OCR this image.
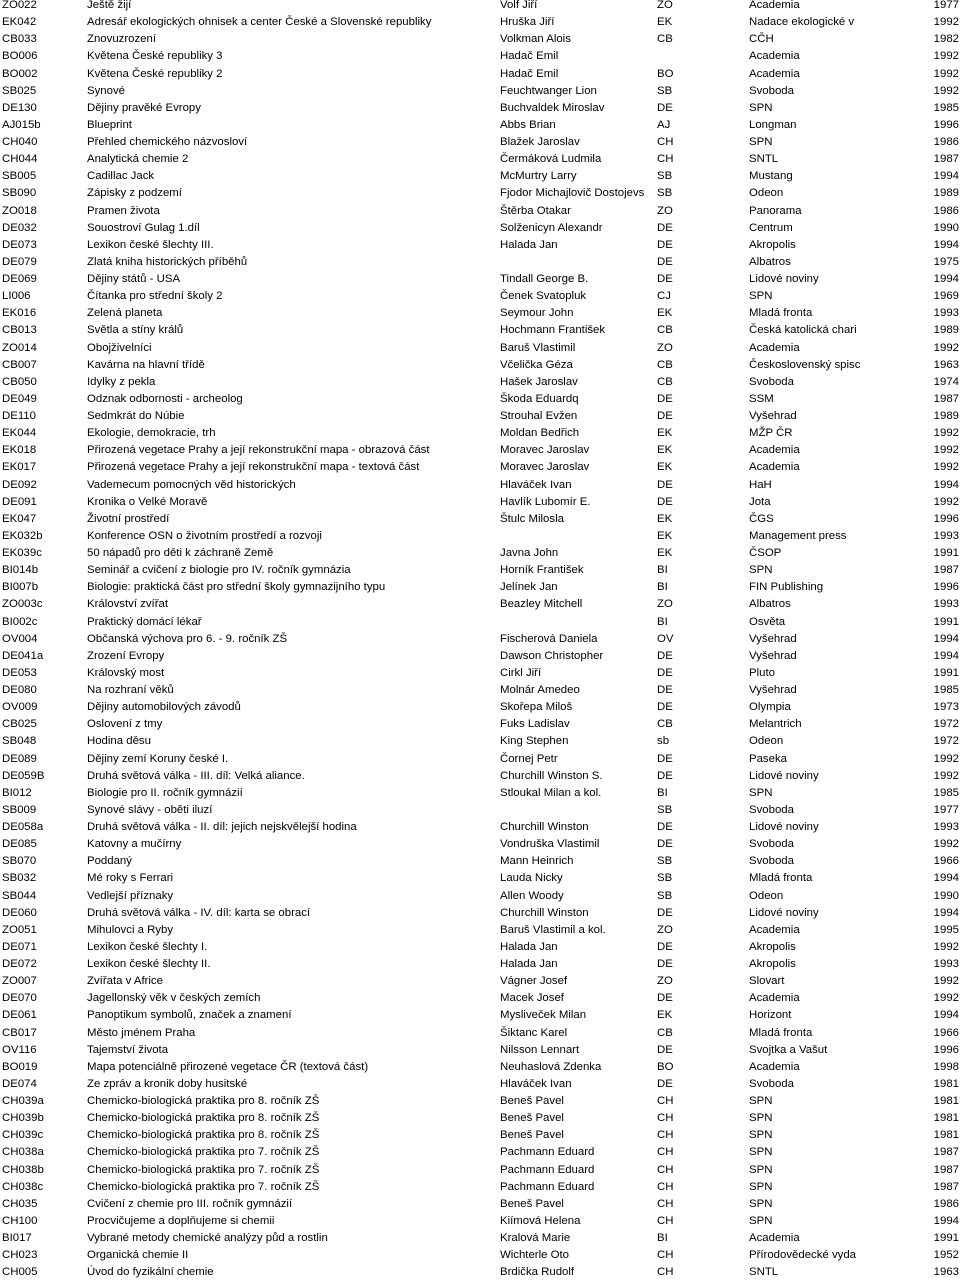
ZO022	Ještě žijí	Volf Jiří	ZO	Academia	1977
EK042	Adresář ekologických ohnisek a center České a Slovenské republiky	Hruška Jiří	EK	Nadace ekologické v	1992
CB033	Znovuzrození	Volkman Alois	CB	CČH	1982
BO006	Květena České republiky 3	Hadač Emil		Academia	1992
BO002	Květena České republiky 2	Hadač Emil	BO	Academia	1992
SB025	Synové	Feuchtwanger Lion	SB	Svoboda	1992
DE130	Dějiny pravěké Evropy	Buchvaldek Miroslav	DE	SPN	1985
AJ015b	Blueprint	Abbs Brian	AJ	Longman	1996
CH040	Přehled chemického názvosloví	Blažek Jaroslav	CH	SPN	1986
CH044	Analytická chemie 2	Čermáková Ludmila	CH	SNTL	1987
SB005	Cadillac Jack	McMurtry Larry	SB	Mustang	1994
SB090	Zápisky z podzemí	Fjodor Michajlovič Dostojevs	SB	Odeon	1989
ZO018	Pramen života	Štěrba Otakar	ZO	Panorama	1986
DE032	Souostroví Gulag 1.díl	Solženicyn Alexandr	DE	Centrum	1990
DE073	Lexikon české šlechty III.	Halada Jan	DE	Akropolis	1994
DE079	Zlatá kniha historických příběhů		DE	Albatros	1975
DE069	Dějiny států - USA	Tindall George B.	DE	Lidové noviny	1994
LI006	Čítanka pro střední školy 2	Čenek Svatopluk	CJ	SPN	1969
EK016	Zelená planeta	Seymour John	EK	Mladá fronta	1993
CB013	Světla a stíny králů	Hochmann František	CB	Česká katolická chari	1989
ZO014	Obojživelníci	Baruš Vlastimil	ZO	Academia	1992
CB007	Kavárna na hlavní třídě	Včelička Géza	CB	Československý spisc	1963
CB050	Idylky z pekla	Hašek Jaroslav	CB	Svoboda	1974
DE049	Odznak odbornosti - archeolog	Škoda Eduardq	DE	SSM	1987
DE110	Sedmkrát do Núbie	Strouhal Evžen	DE	Vyšehrad	1989
EK044	Ekologie, demokracie, trh	Moldan Bedřich	EK	MŽP ČR	1992
EK018	Přirozená vegetace Prahy a její rekonstrukční mapa - obrazová část	Moravec Jaroslav	EK	Academia	1992
EK017	Přirozená vegetace Prahy a její rekonstrukční mapa - textová část	Moravec Jaroslav	EK	Academia	1992
DE092	Vademecum pomocných věd historických	Hlaváček Ivan	DE	HaH	1994
DE091	Kronika o Velké Moravě	Havlík Lubomír E.	DE	Jota	1992
EK047	Životní prostředí	Štulc Milosla	EK	ČGS	1996
EK032b	Konference OSN o životním prostředí a rozvoji		EK	Management press	1993
EK039c	50 nápadů pro děti k záchraně Země	Javna John	EK	ČSOP	1991
BI014b	Seminář a cvičení z biologie pro IV. ročník gymnázia	Horník František	BI	SPN	1987
BI007b	Biologie: praktická část pro střední školy gymnazijního typu	Jelínek Jan	BI	FIN Publishing	1996
ZO003c	Království zvířat	Beazley Mitchell	ZO	Albatros	1993
BI002c	Praktický domácí lékař		BI	Osvěta	1991
OV004	Občanská výchova pro 6. - 9. ročník ZŠ	Fischerová Daniela	OV	Vyšehrad	1994
DE041a	Zrození Evropy	Dawson Christopher	DE	Vyšehrad	1994
DE053	Královský most	Cirkl Jiří	DE	Pluto	1991
DE080	Na rozhraní věků	Molnár Amedeo	DE	Vyšehrad	1985
OV009	Dějiny automobilových závodů	Skořepa Miloš	DE	Olympia	1973
CB025	Oslovení z tmy	Fuks Ladislav	CB	Melantrich	1972
SB048	Hodina děsu	King Stephen	sb	Odeon	1972
DE089	Dějiny zemí Koruny české I.	Čornej Petr	DE	Paseka	1992
DE059B	Druhá světová válka - III. díl: Velká aliance.	Churchill Winston S.	DE	Lidové noviny	1992
BI012	Biologie pro II. ročník gymnázií	Stloukal Milan a kol.	BI	SPN	1985
SB009	Synové slávy - oběti iluzí		SB	Svoboda	1977
DE058a	Druhá světová válka - II. díl: jejich nejskvělejší hodina	Churchill Winston	DE	Lidové noviny	1993
DE085	Katovny a mučírny	Vondruška Vlastimil	DE	Svoboda	1992
SB070	Poddaný	Mann Heinrich	SB	Svoboda	1966
SB032	Mé roky s Ferrari	Lauda Nicky	SB	Mladá fronta	1994
SB044	Vedlejší příznaky	Allen Woody	SB	Odeon	1990
DE060	Druhá světová válka - IV. díl: karta se obrací	Churchill Winston	DE	Lidové noviny	1994
ZO051	Mihulovci a Ryby	Baruš Vlastimil a kol.	ZO	Academia	1995
DE071	Lexikon české šlechty I.	Halada Jan	DE	Akropolis	1992
DE072	Lexikon české šlechty II.	Halada Jan	DE	Akropolis	1993
ZO007	Zvířata v Africe	Vágner Josef	ZO	Slovart	1992
DE070	Jagellonský věk v českých zemích	Macek Josef	DE	Academia	1992
DE061	Panoptikum symbolů, značek a znamení	Mysliveček Milan	EK	Horizont	1994
CB017	Město jménem Praha	Šiktanc Karel	CB	Mladá fronta	1966
OV116	Tajemství života	Nilsson Lennart	DE	Svojtka a Vašut	1996
BO019	Mapa potenciálně přirozené vegetace ČR (textová část)	Neuhaslová Zdenka	BO	Academia	1998
DE074	Ze zpráv a kronik doby husitské	Hlaváček Ivan	DE	Svoboda	1981
CH039a	Chemicko-biologická praktika pro 8. ročník ZŠ	Beneš Pavel	CH	SPN	1981
CH039b	Chemicko-biologická praktika pro 8. ročník ZŠ	Beneš Pavel	CH	SPN	1981
CH039c	Chemicko-biologická praktika pro 8. ročník ZŠ	Beneš Pavel	CH	SPN	1981
CH038a	Chemicko-biologická praktika pro 7. ročník ZŠ	Pachmann Eduard	CH	SPN	1987
CH038b	Chemicko-biologická praktika pro 7. ročník ZŠ	Pachmann Eduard	CH	SPN	1987
CH038c	Chemicko-biologická praktika pro 7. ročník ZŠ	Pachmann Eduard	CH	SPN	1987
CH035	Cvičení z chemie pro III. ročník gymnázií	Beneš Pavel	CH	SPN	1986
CH100	Procvičujeme a doplňujeme si chemii	Kiímová Helena	CH	SPN	1994
BI017	Vybrané metody chemické analýzy půd a rostlin	Kralová Marie	BI	Academia	1991
CH023	Organická chemie II	Wichterle Oto	CH	Přírodovědecké vyda	1952
CH005	Úvod do fyzikální chemie	Brdička Rudolf	CH	SNTL	1963
